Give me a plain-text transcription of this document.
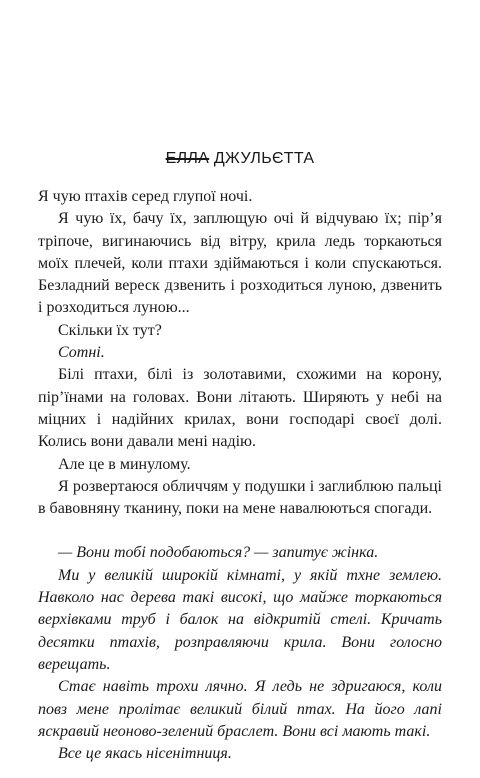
ЕЛЛА ДЖУЛЬЄТТА

Я чую птахів серед глупої ночі.

Я чую їх, бачу їх, заплющую очі й відчуваю їх; пір’я тріпоче, вигинаючись від вітру, крила ледь торкаються моїх плечей, коли птахи здіймаються і коли спускаються. Безладний вереск дзвенить і розходиться луною, дзвенить і розходиться луною...

Скільки їх тут?

Сотні.

Білі птахи, білі із золотавими, схожими на корону, пір’їнами на головах. Вони літають. Ширяють у небі на міцних і надійних крилах, вони господарі своєї долі. Колись вони давали мені надію.

Але це в минулому.

Я розвертаюся обличчям у подушки і заглиблюю пальці в бавовняну тканину, поки на мене навалюються спогади.

— Вони тобі подобаються? — запитує жінка.

Ми у великій широкій кімнаті, у якій тхне землею. Навколо нас дерева такі високі, що майже торкаються верхівками труб і балок на відкритій стелі. Кричать десятки птахів, розправляючи крила. Вони голосно верещать.

Стає навіть трохи лячно. Я ледь не здригаюся, коли повз мене пролітає великий білий птах. На його лапі яскравий неоново-зелений браслет. Вони всі мають такі.

Все це якась нісенітниця.
